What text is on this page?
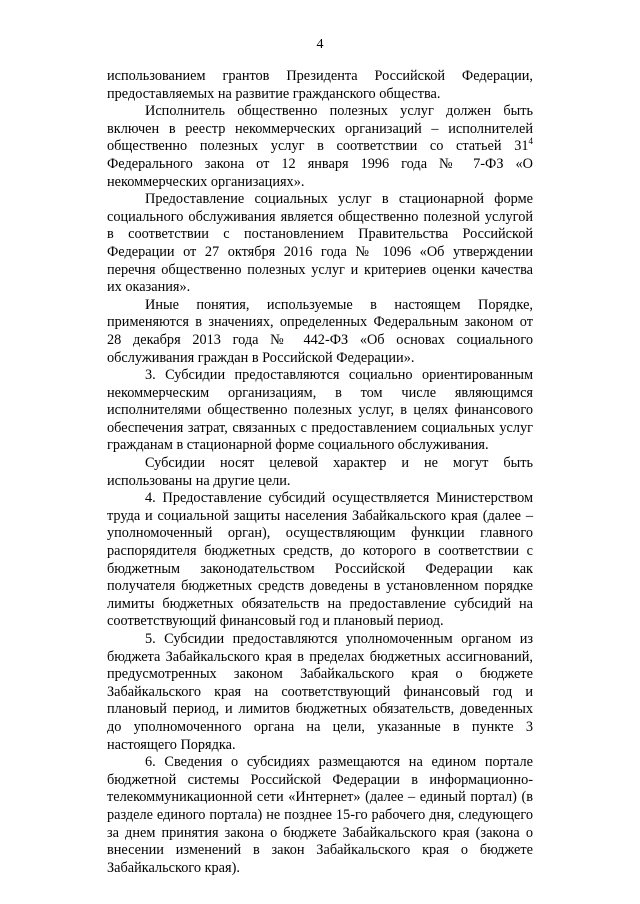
4

использованием грантов Президента Российской Федерации, предоставляемых на развитие гражданского общества.

Исполнитель общественно полезных услуг должен быть включен в реестр некоммерческих организаций – исполнителей общественно полезных услуг в соответствии со статьей $31^4$ Федерального закона от 12 января 1996 года № 7-ФЗ «О некоммерческих организациях».

Предоставление социальных услуг в стационарной форме социального обслуживания является общественно полезной услугой в соответствии с постановлением Правительства Российской Федерации от 27 октября 2016 года № 1096 «Об утверждении перечня общественно полезных услуг и критериев оценки качества их оказания».

Иные понятия, используемые в настоящем Порядке, применяются в значениях, определенных Федеральным законом от 28 декабря 2013 года № 442-ФЗ «Об основах социального обслуживания граждан в Российской Федерации».

3. Субсидии предоставляются социально ориентированным некоммерческим организациям, в том числе являющимся исполнителями общественно полезных услуг, в целях финансового обеспечения затрат, связанных с предоставлением социальных услуг гражданам в стационарной форме социального обслуживания.

Субсидии носят целевой характер и не могут быть использованы на другие цели.

4. Предоставление субсидий осуществляется Министерством труда и социальной защиты населения Забайкальского края (далее – уполномоченный орган), осуществляющим функции главного распорядителя бюджетных средств, до которого в соответствии с бюджетным законодательством Российской Федерации как получателя бюджетных средств доведены в установленном порядке лимиты бюджетных обязательств на предоставление субсидий на соответствующий финансовый год и плановый период.

5. Субсидии предоставляются уполномоченным органом из бюджета Забайкальского края в пределах бюджетных ассигнований, предусмотренных законом Забайкальского края о бюджете Забайкальского края на соответствующий финансовый год и плановый период, и лимитов бюджетных обязательств, доведенных до уполномоченного органа на цели, указанные в пункте 3 настоящего Порядка.

6. Сведения о субсидиях размещаются на едином портале бюджетной системы Российской Федерации в информационно-телекоммуникационной сети «Интернет» (далее – единый портал) (в разделе единого портала) не позднее 15-го рабочего дня, следующего за днем принятия закона о бюджете Забайкальского края (закона о внесении изменений в закон Забайкальского края о бюджете Забайкальского края).
